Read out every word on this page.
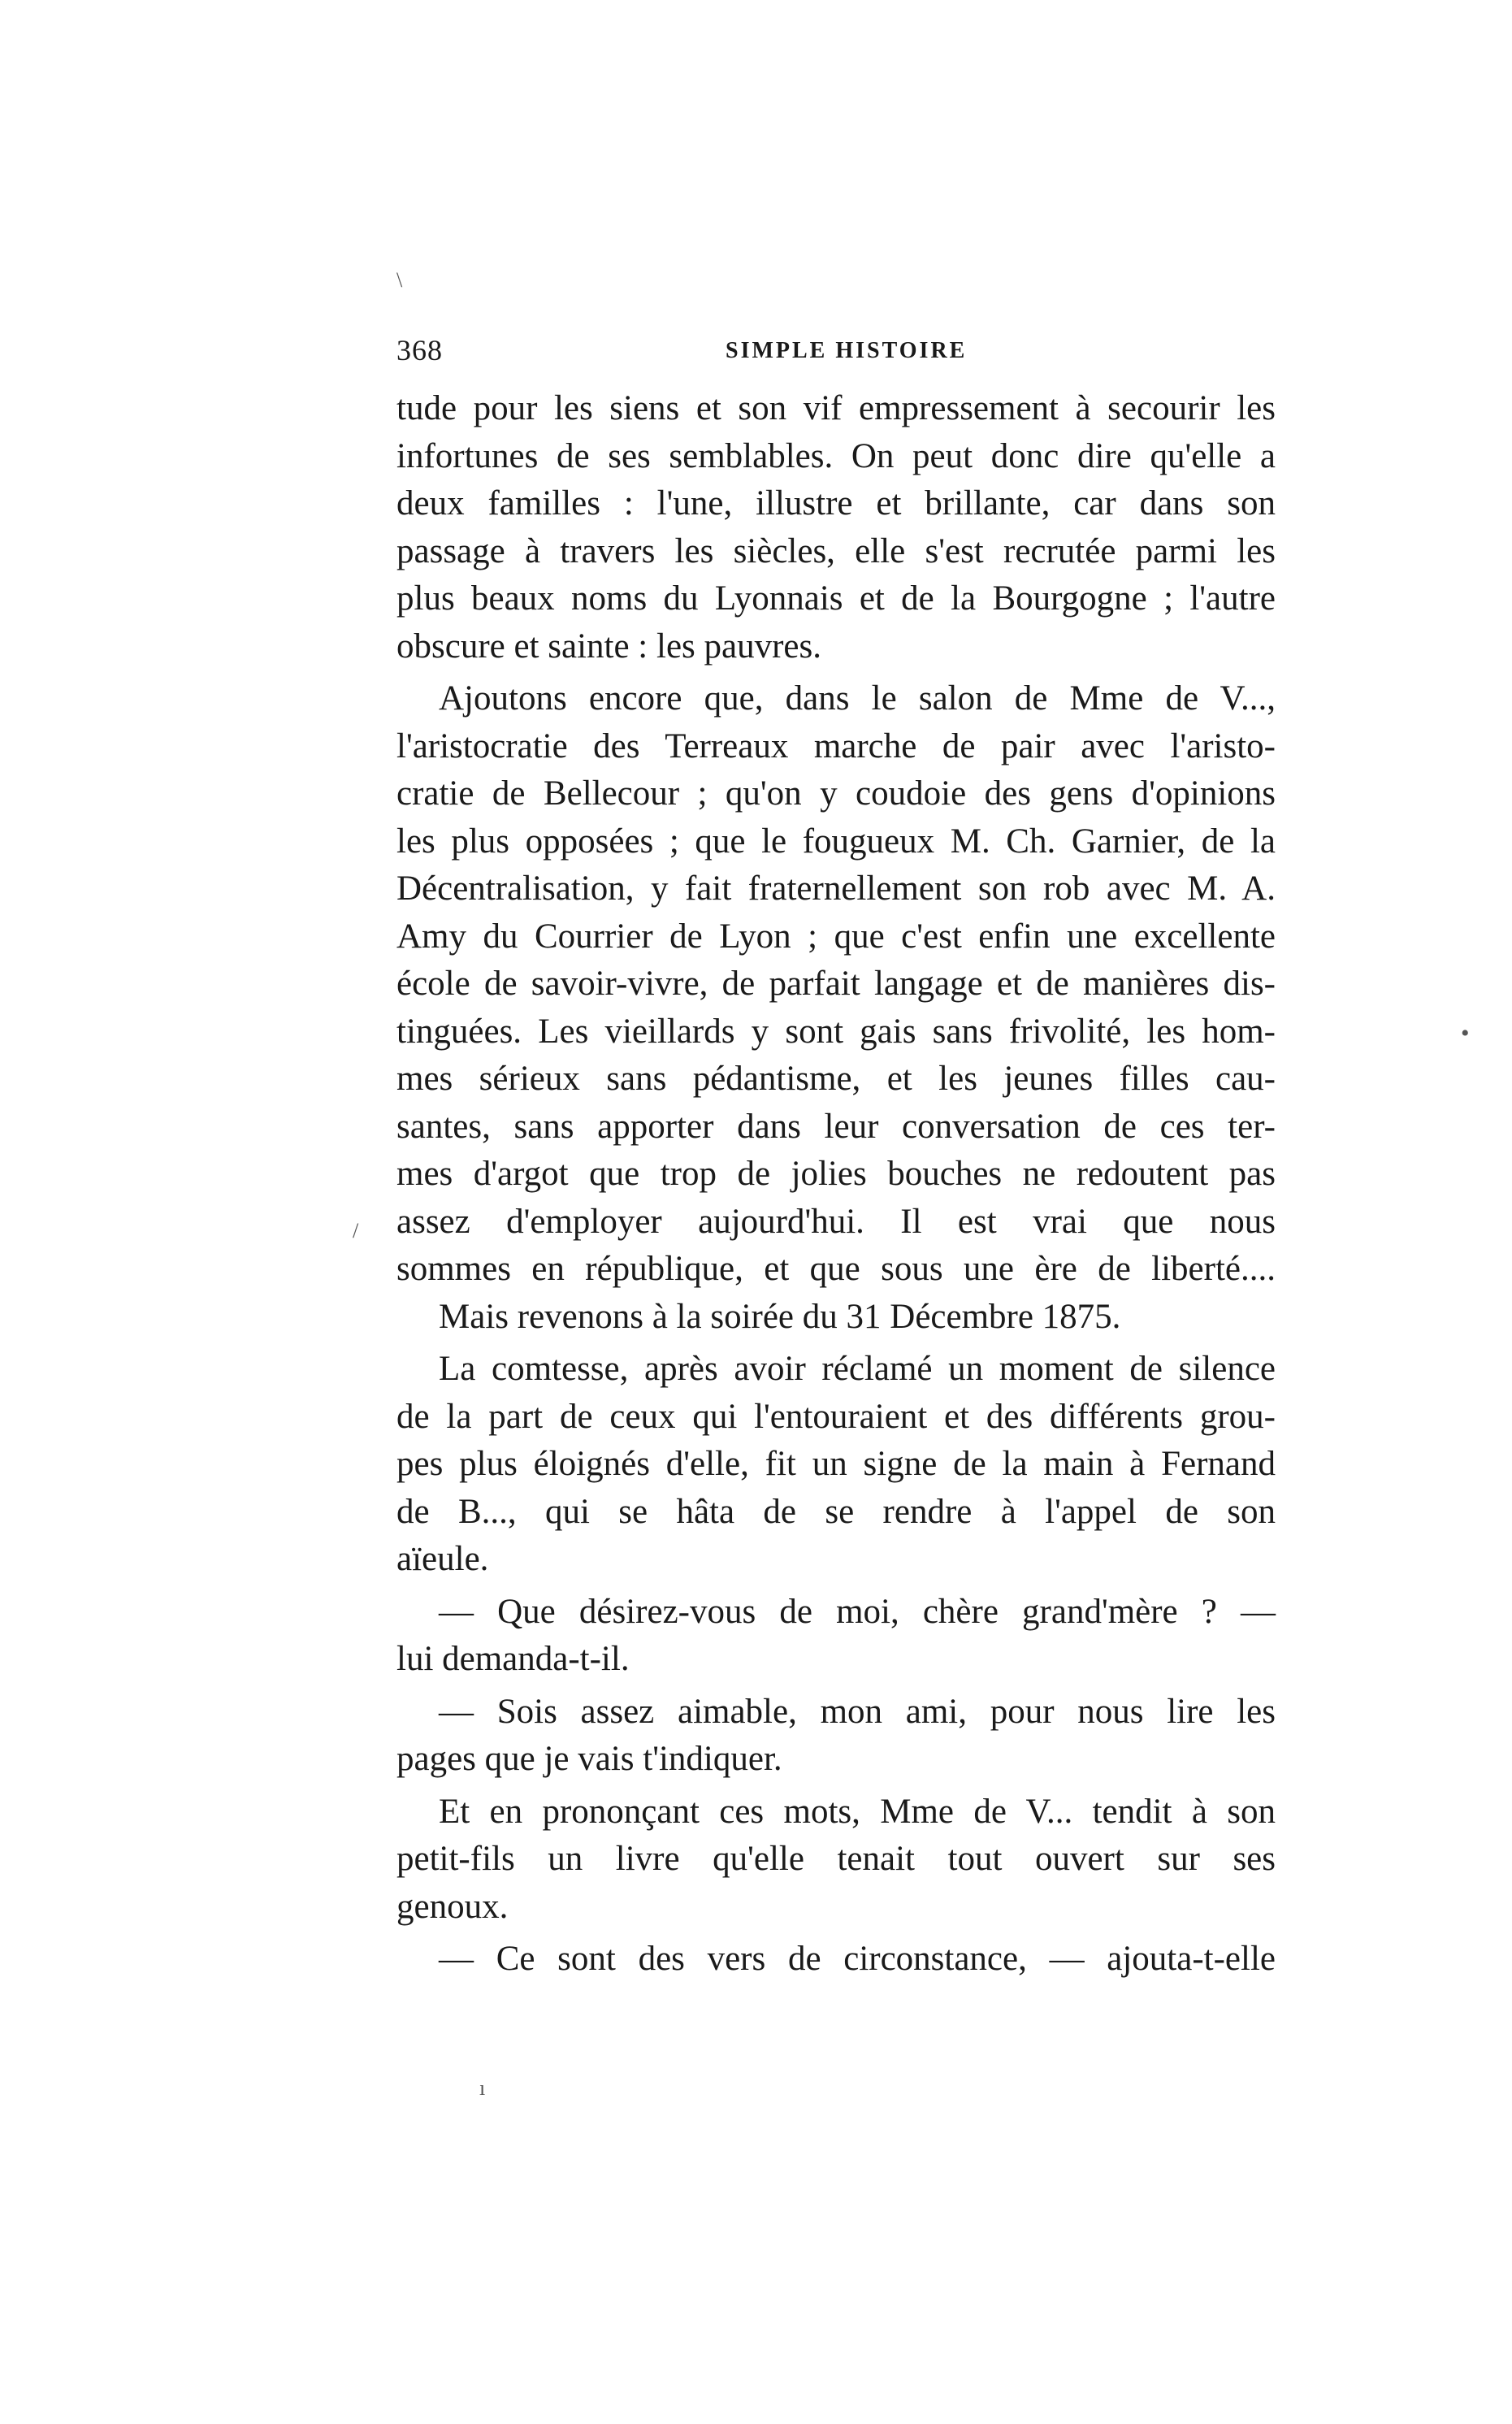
368	SIMPLE HISTOIRE
tude pour les siens et son vif empressement à secourir les
infortunes de ses semblables. On peut donc dire qu'elle a
deux familles : l'une, illustre et brillante, car dans son
passage à travers les siècles, elle s'est recrutée parmi les
plus beaux noms du Lyonnais et de la Bourgogne ; l'autre
obscure et sainte : les pauvres.
Ajoutons encore que, dans le salon de Mme de V...,
l'aristocratie des Terreaux marche de pair avec l'aristo-
cratie de Bellecour ; qu'on y coudoie des gens d'opinions
les plus opposées ; que le fougueux M. Ch. Garnier, de la
Décentralisation, y fait fraternellement son rob avec M. A.
Amy du Courrier de Lyon ; que c'est enfin une excellente
école de savoir-vivre, de parfait langage et de manières dis-
tinguées. Les vieillards y sont gais sans frivolité, les hom-
mes sérieux sans pédantisme, et les jeunes filles cau-
santes, sans apporter dans leur conversation de ces ter-
mes d'argot que trop de jolies bouches ne redoutent pas
assez d'employer aujourd'hui. Il est vrai que nous
sommes en république, et que sous une ère de liberté....
Mais revenons à la soirée du 31 Décembre 1875.
La comtesse, après avoir réclamé un moment de silence
de la part de ceux qui l'entouraient et des différents grou-
pes plus éloignés d'elle, fit un signe de la main à Fernand
de B..., qui se hâta de se rendre à l'appel de son
aïeule.
— Que désirez-vous de moi, chère grand'mère ? —
lui demanda-t-il.
— Sois assez aimable, mon ami, pour nous lire les
pages que je vais t'indiquer.
Et en prononçant ces mots, Mme de V... tendit à son
petit-fils un livre qu'elle tenait tout ouvert sur ses
genoux.
— Ce sont des vers de circonstance, — ajouta-t-elle
\
•
/
ı
